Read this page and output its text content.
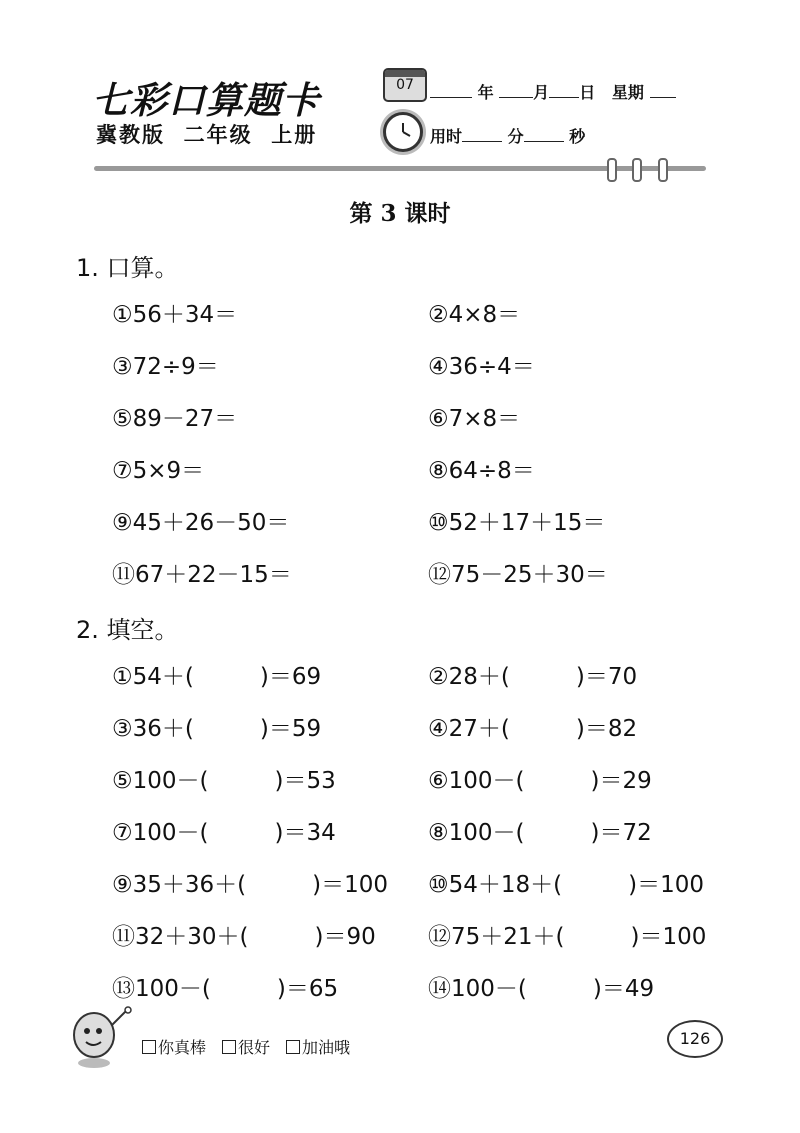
七彩口算题卡
冀教版  二年级  上册
07	年 月 日 星期
用时	分	秒
第 3 课时
1. 口算。
①56＋34＝	②4×8＝
③72÷9＝	④36÷4＝
⑤89－27＝	⑥7×8＝
⑦5×9＝	⑧64÷8＝
⑨45＋26－50＝	⑩52＋17＋15＝
⑪67＋22－15＝	⑫75－25＋30＝
2. 填空。
①54＋(	)＝69	②28＋(	)＝70
③36＋(	)＝59	④27＋(	)＝82
⑤100－(	)＝53	⑥100－(	)＝29
⑦100－(	)＝34	⑧100－(	)＝72
⑨35＋36＋(	)＝100 ⑩54＋18＋(	)＝100
⑪32＋30＋(	)＝90 ⑫75＋21＋(	)＝100
⑬100－(	)＝65	⑭100－(	)＝49
你真棒 很好 加油哦	126
